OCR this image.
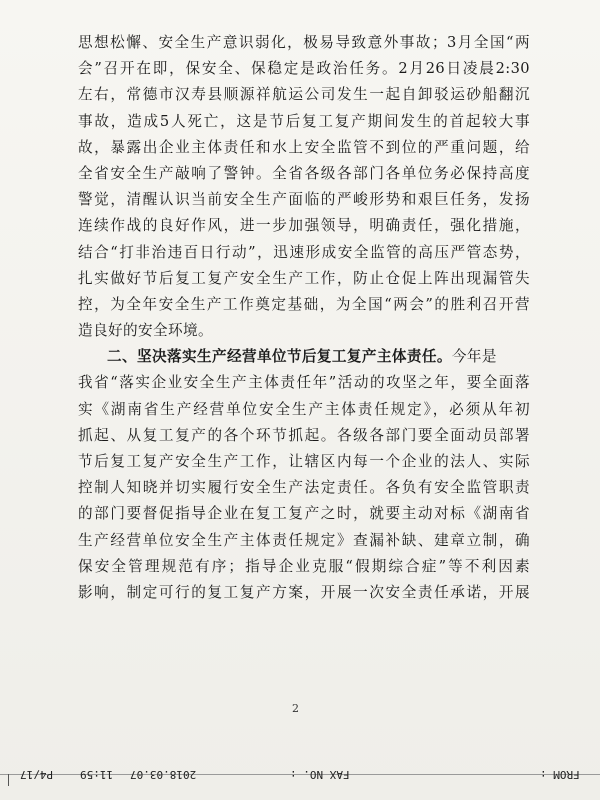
思想松懈、安全生产意识弱化，极易导致意外事故；3月全国“两
会”召开在即，保安全、保稳定是政治任务。2月26日凌晨2:30
左右，常德市汉寿县顺源祥航运公司发生一起自卸驳运砂船翻沉
事故，造成5人死亡，这是节后复工复产期间发生的首起较大事
故，暴露出企业主体责任和水上安全监管不到位的严重问题，给
全省安全生产敲响了警钟。全省各级各部门各单位务必保持高度
警觉，清醒认识当前安全生产面临的严峻形势和艰巨任务，发扬
连续作战的良好作风，进一步加强领导，明确责任，强化措施，
结合“打非治违百日行动”，迅速形成安全监管的高压严管态势，
扎实做好节后复工复产安全生产工作，防止仓促上阵出现漏管失
控，为全年安全生产工作奠定基础，为全国“两会”的胜利召开营
造良好的安全环境。
二、坚决落实生产经营单位节后复工复产主体责任。今年是
我省“落实企业安全生产主体责任年”活动的攻坚之年，要全面落
实《湖南省生产经营单位安全生产主体责任规定》，必须从年初
抓起、从复工复产的各个环节抓起。各级各部门要全面动员部署
节后复工复产安全生产工作，让辖区内每一个企业的法人、实际
控制人知晓并切实履行安全生产法定责任。各负有安全监管职责
的部门要督促指导企业在复工复产之时，就要主动对标《湖南省
生产经营单位安全生产主体责任规定》查漏补缺、建章立制，确
保安全管理规范有序；指导企业克服“假期综合症”等不利因素
影响，制定可行的复工复产方案，开展一次安全责任承诺，开展
2
P4/17 11:59 2018.03.07	FAX NO. :	FROM :
